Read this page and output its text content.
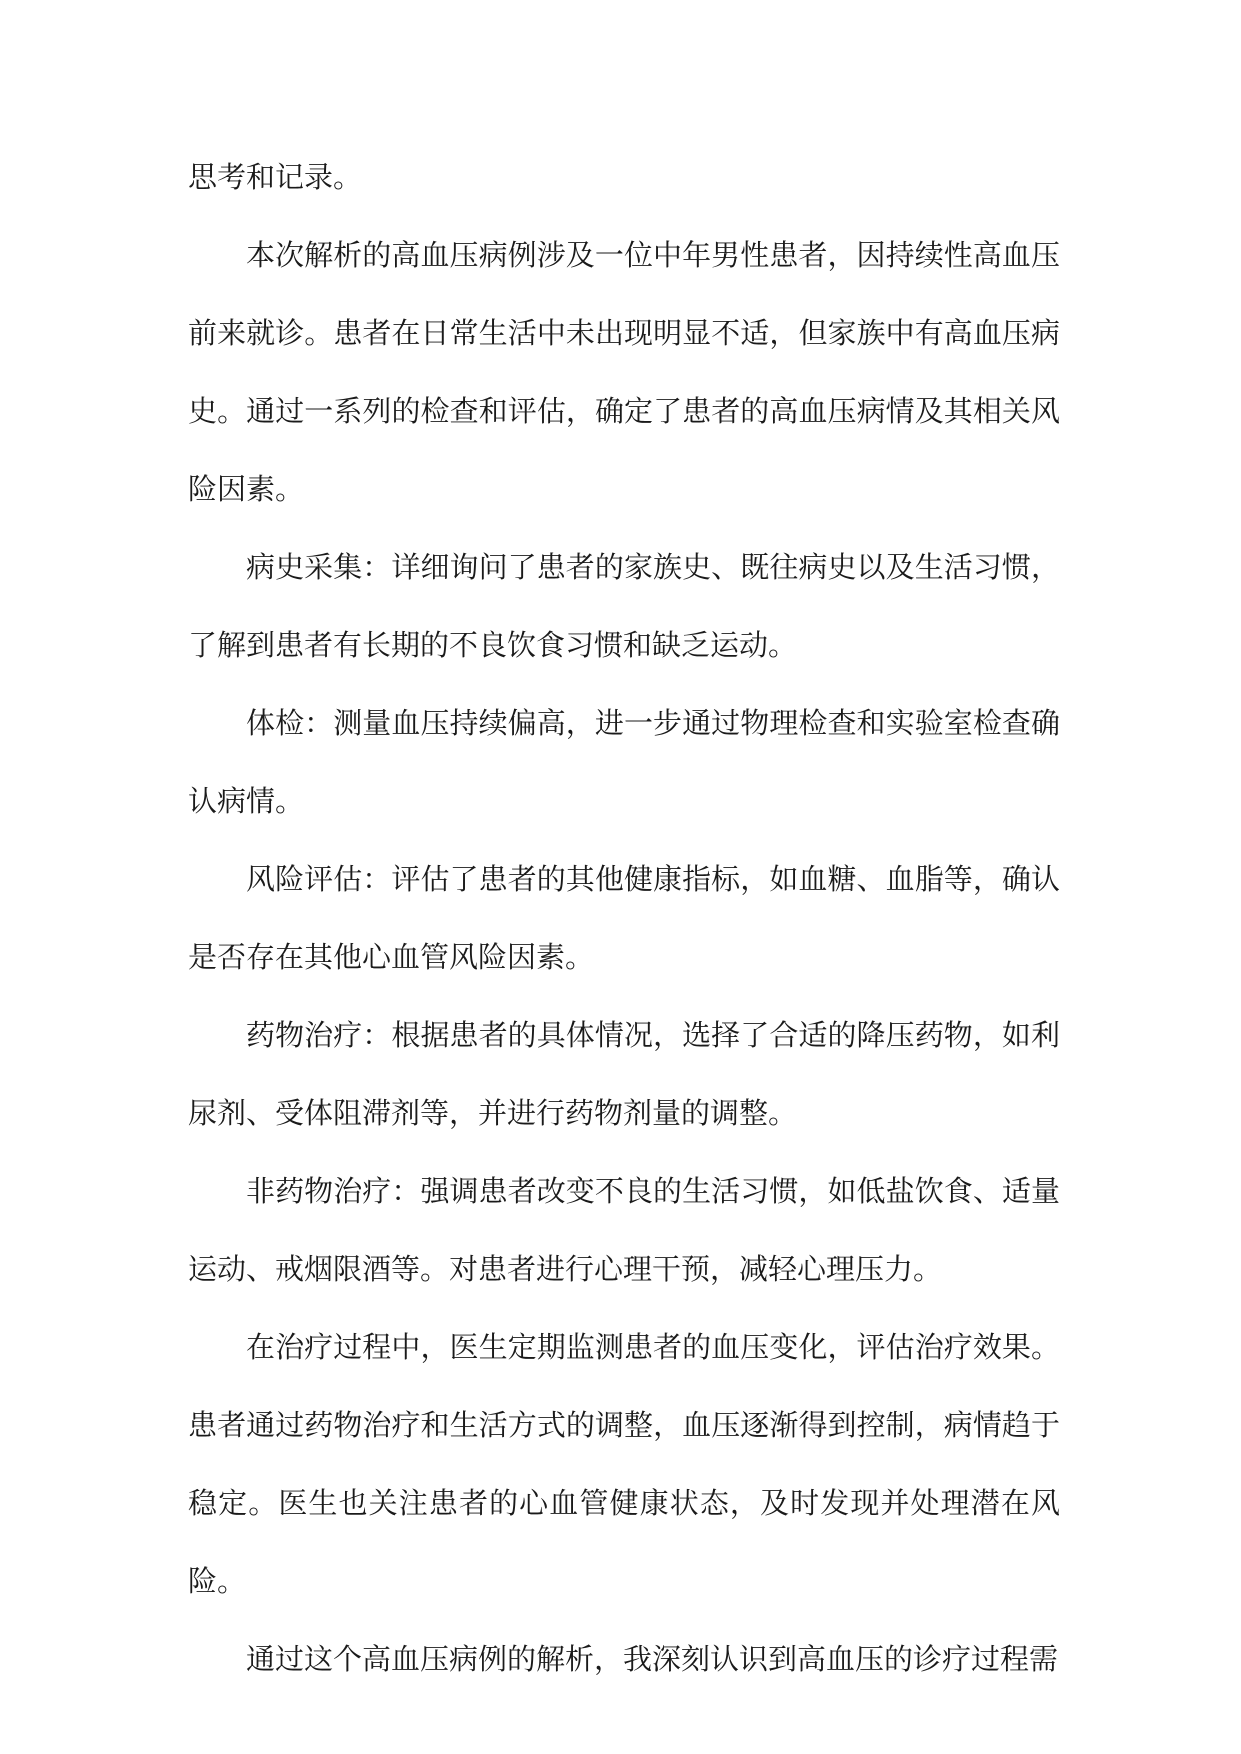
思考和记录。

本次解析的高血压病例涉及一位中年男性患者，因持续性高血压前来就诊。患者在日常生活中未出现明显不适，但家族中有高血压病史。通过一系列的检查和评估，确定了患者的高血压病情及其相关风险因素。

病史采集：详细询问了患者的家族史、既往病史以及生活习惯，了解到患者有长期的不良饮食习惯和缺乏运动。

体检：测量血压持续偏高，进一步通过物理检查和实验室检查确认病情。

风险评估：评估了患者的其他健康指标，如血糖、血脂等，确认是否存在其他心血管风险因素。

药物治疗：根据患者的具体情况，选择了合适的降压药物，如利尿剂、受体阻滞剂等，并进行药物剂量的调整。

非药物治疗：强调患者改变不良的生活习惯，如低盐饮食、适量运动、戒烟限酒等。对患者进行心理干预，减轻心理压力。

在治疗过程中，医生定期监测患者的血压变化，评估治疗效果。患者通过药物治疗和生活方式的调整，血压逐渐得到控制，病情趋于稳定。医生也关注患者的心血管健康状态，及时发现并处理潜在风险。

通过这个高血压病例的解析，我深刻认识到高血压的诊疗过程需
